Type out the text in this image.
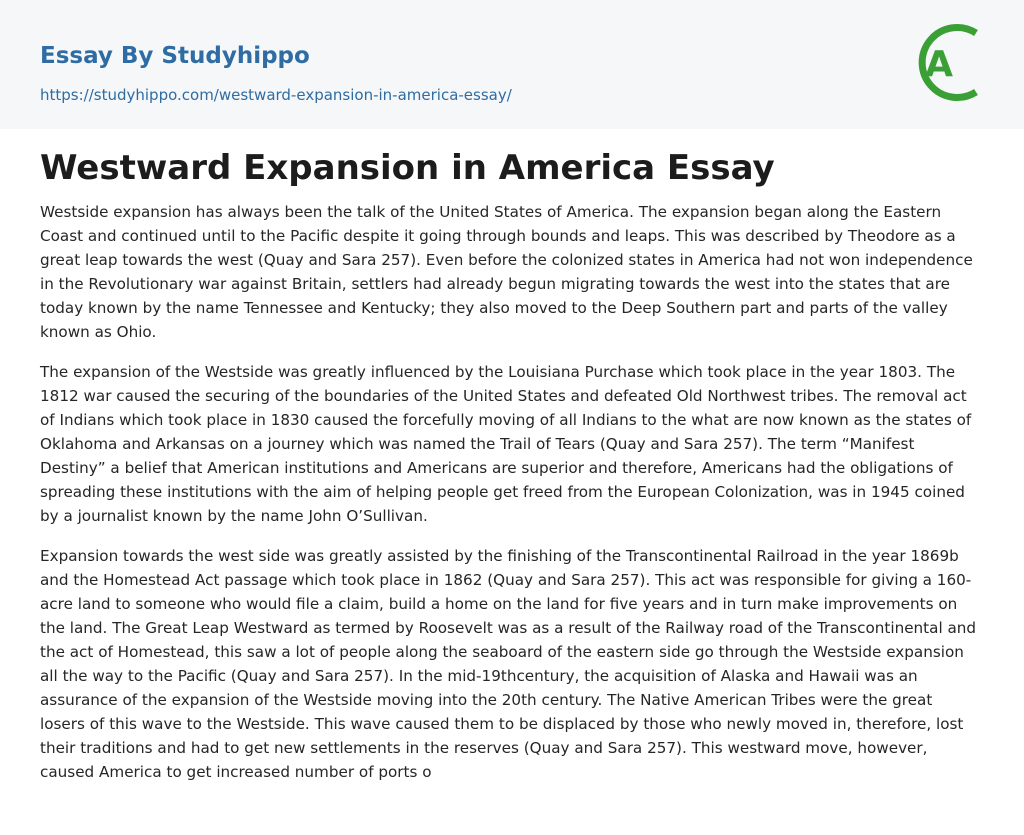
Essay By Studyhippo
https://studyhippo.com/westward-expansion-in-america-essay/
A
Westward Expansion in America Essay

Westside expansion has always been the talk of the United States of America. The expansion began along the Eastern Coast and continued until to the Pacific despite it going through bounds and leaps. This was described by Theodore as a great leap towards the west (Quay and Sara 257). Even before the colonized states in America had not won independence in the Revolutionary war against Britain, settlers had already begun migrating towards the west into the states that are today known by the name Tennessee and Kentucky; they also moved to the Deep Southern part and parts of the valley known as Ohio.

The expansion of the Westside was greatly influenced by the Louisiana Purchase which took place in the year 1803. The 1812 war caused the securing of the boundaries of the United States and defeated Old Northwest tribes. The removal act of Indians which took place in 1830 caused the forcefully moving of all Indians to the what are now known as the states of Oklahoma and Arkansas on a journey which was named the Trail of Tears (Quay and Sara 257). The term “Manifest Destiny” a belief that American institutions and Americans are superior and therefore, Americans had the obligations of spreading these institutions with the aim of helping people get freed from the European Colonization, was in 1945 coined by a journalist known by the name John O’Sullivan.

Expansion towards the west side was greatly assisted by the finishing of the Transcontinental Railroad in the year 1869b and the Homestead Act passage which took place in 1862 (Quay and Sara 257). This act was responsible for giving a 160-acre land to someone who would file a claim, build a home on the land for five years and in turn make improvements on the land. The Great Leap Westward as termed by Roosevelt was as a result of the Railway road of the Transcontinental and the act of Homestead, this saw a lot of people along the seaboard of the eastern side go through the Westside expansion all the way to the Pacific (Quay and Sara 257). In the mid-19thcentury, the acquisition of Alaska and Hawaii was an assurance of the expansion of the Westside moving into the 20th century. The Native American Tribes were the great losers of this wave to the Westside. This wave caused them to be displaced by those who newly moved in, therefore, lost their traditions and had to get new settlements in the reserves (Quay and Sara 257). This westward move, however, caused America to get increased number of ports o
